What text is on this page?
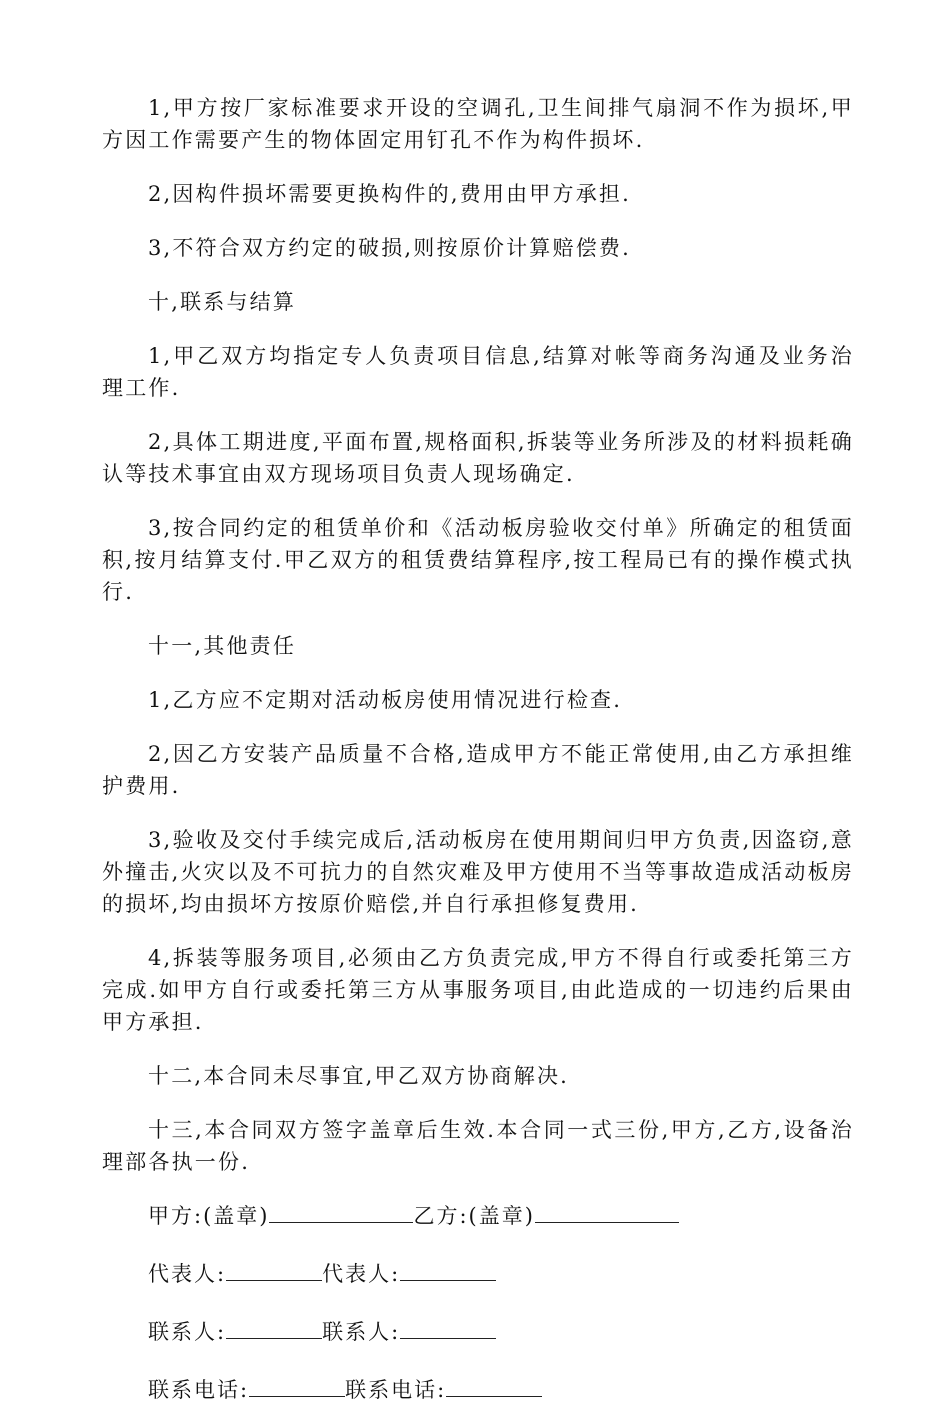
1,甲方按厂家标准要求开设的空调孔,卫生间排气扇洞不作为损坏,甲方因工作需要产生的物体固定用钉孔不作为构件损坏.

2,因构件损坏需要更换构件的,费用由甲方承担.

3,不符合双方约定的破损,则按原价计算赔偿费.

十,联系与结算

1,甲乙双方均指定专人负责项目信息,结算对帐等商务沟通及业务治理工作.

2,具体工期进度,平面布置,规格面积,拆装等业务所涉及的材料损耗确认等技术事宜由双方现场项目负责人现场确定.

3,按合同约定的租赁单价和《活动板房验收交付单》所确定的租赁面积,按月结算支付.甲乙双方的租赁费结算程序,按工程局已有的操作模式执行.

十一,其他责任

1,乙方应不定期对活动板房使用情况进行检查.

2,因乙方安装产品质量不合格,造成甲方不能正常使用,由乙方承担维护费用.

3,验收及交付手续完成后,活动板房在使用期间归甲方负责,因盗窃,意外撞击,火灾以及不可抗力的自然灾难及甲方使用不当等事故造成活动板房的损坏,均由损坏方按原价赔偿,并自行承担修复费用.

4,拆装等服务项目,必须由乙方负责完成,甲方不得自行或委托第三方完成.如甲方自行或委托第三方从事服务项目,由此造成的一切违约后果由甲方承担.

十二,本合同未尽事宜,甲乙双方协商解决.

十三,本合同双方签字盖章后生效.本合同一式三份,甲方,乙方,设备治理部各执一份.

甲方:(盖章)	乙方:(盖章)
代表人:	代表人:
联系人:	联系人:
联系电话:	联系电话:
